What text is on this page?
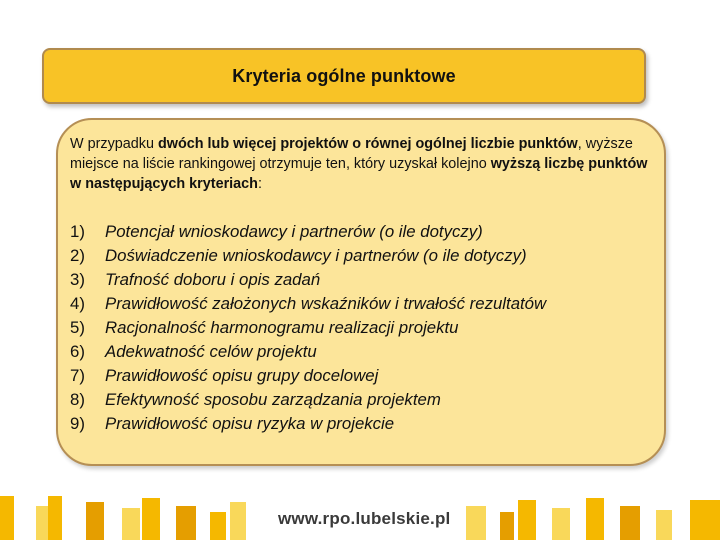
Kryteria ogólne punktowe

W przypadku dwóch lub więcej projektów o równej ogólnej liczbie punktów, wyższe miejsce na liście rankingowej otrzymuje ten, który uzyskał kolejno wyższą liczbę punktów w następujących kryteriach:

1)	Potencjał wnioskodawcy i partnerów (o ile dotyczy)
2)	Doświadczenie wnioskodawcy i partnerów (o ile dotyczy)
3)	Trafność doboru i opis zadań
4)	Prawidłowość założonych wskaźników i trwałość rezultatów
5)	Racjonalność harmonogramu realizacji projektu
6)	Adekwatność celów projektu
7)	Prawidłowość opisu grupy docelowej
8)	Efektywność sposobu zarządzania projektem
9)	Prawidłowość opisu ryzyka w projekcie
www.rpo.lubelskie.pl
